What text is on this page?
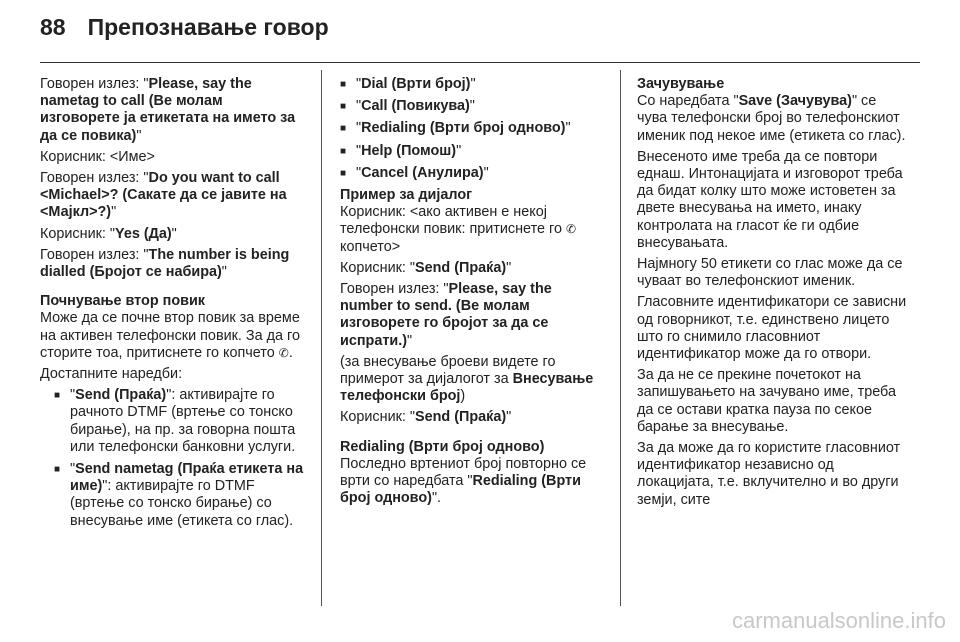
88 Препознавање говор

Говорен излез: "Please, say the nametag to call (Ве молам изговорете ја етикетата на името за да се повика)"

Корисник: <Име>

Говорен излез: "Do you want to call <Michael>? (Сакате да се јавите на <Мајкл>?)"

Корисник: "Yes (Да)"

Говорен излез: "The number is being dialled (Бројот се набира)"

Почнување втор повик

Може да се почне втор повик за време на активен телефонски повик. За да го сторите тоа, притиснете го копчето ✆.

Достапните наредби:

■ "Send (Праќа)": активирајте го рачното DTMF (вртење со тонско бирање), на пр. за говорна пошта или телефонски банковни услуги.
■ "Send nametag (Праќа етикета на име)": активирајте го DTMF (вртење со тонско бирање) со внесување име (етикета со глас).
■ "Dial (Врти број)"
■ "Call (Повикува)"
■ "Redialing (Врти број одново)"
■ "Help (Помош)"
■ "Cancel (Анулира)"

Пример за дијалог

Корисник: <ако активен е некој телефонски повик: притиснете го ✆ копчето>

Корисник: "Send (Праќа)"

Говорен излез: "Please, say the number to send. (Ве молам изговорете го бројот за да се испрати.)"

(за внесување броеви видете го примерот за дијалогот за Внесување телефонски број)

Корисник: "Send (Праќа)"

Redialing (Врти број одново)

Последно вртениот број повторно се врти со наредбата "Redialing (Врти број одново)".

Зачувување

Со наредбата "Save (Зачувува)" се чува телефонски број во телефонскиот именик под некое име (етикета со глас).

Внесеното име треба да се повтори еднаш. Интонацијата и изговорот треба да бидат колку што може истоветен за двете внесувања на името, инаку контролата на гласот ќе ги одбие внесувањата.

Најмногу 50 етикети со глас може да се чуваат во телефонскиот именик.

Гласовните идентификатори се зависни од говорникот, т.е. единствено лицето што го снимило гласовниот идентификатор може да го отвори.

За да не се прекине почетокот на запишувањето на зачувано име, треба да се остави кратка пауза по секое барање за внесување.

За да може да го користите гласовниот идентификатор независно од локацијата, т.е. вклучително и во други земји, сите

carmanualsonline.info
